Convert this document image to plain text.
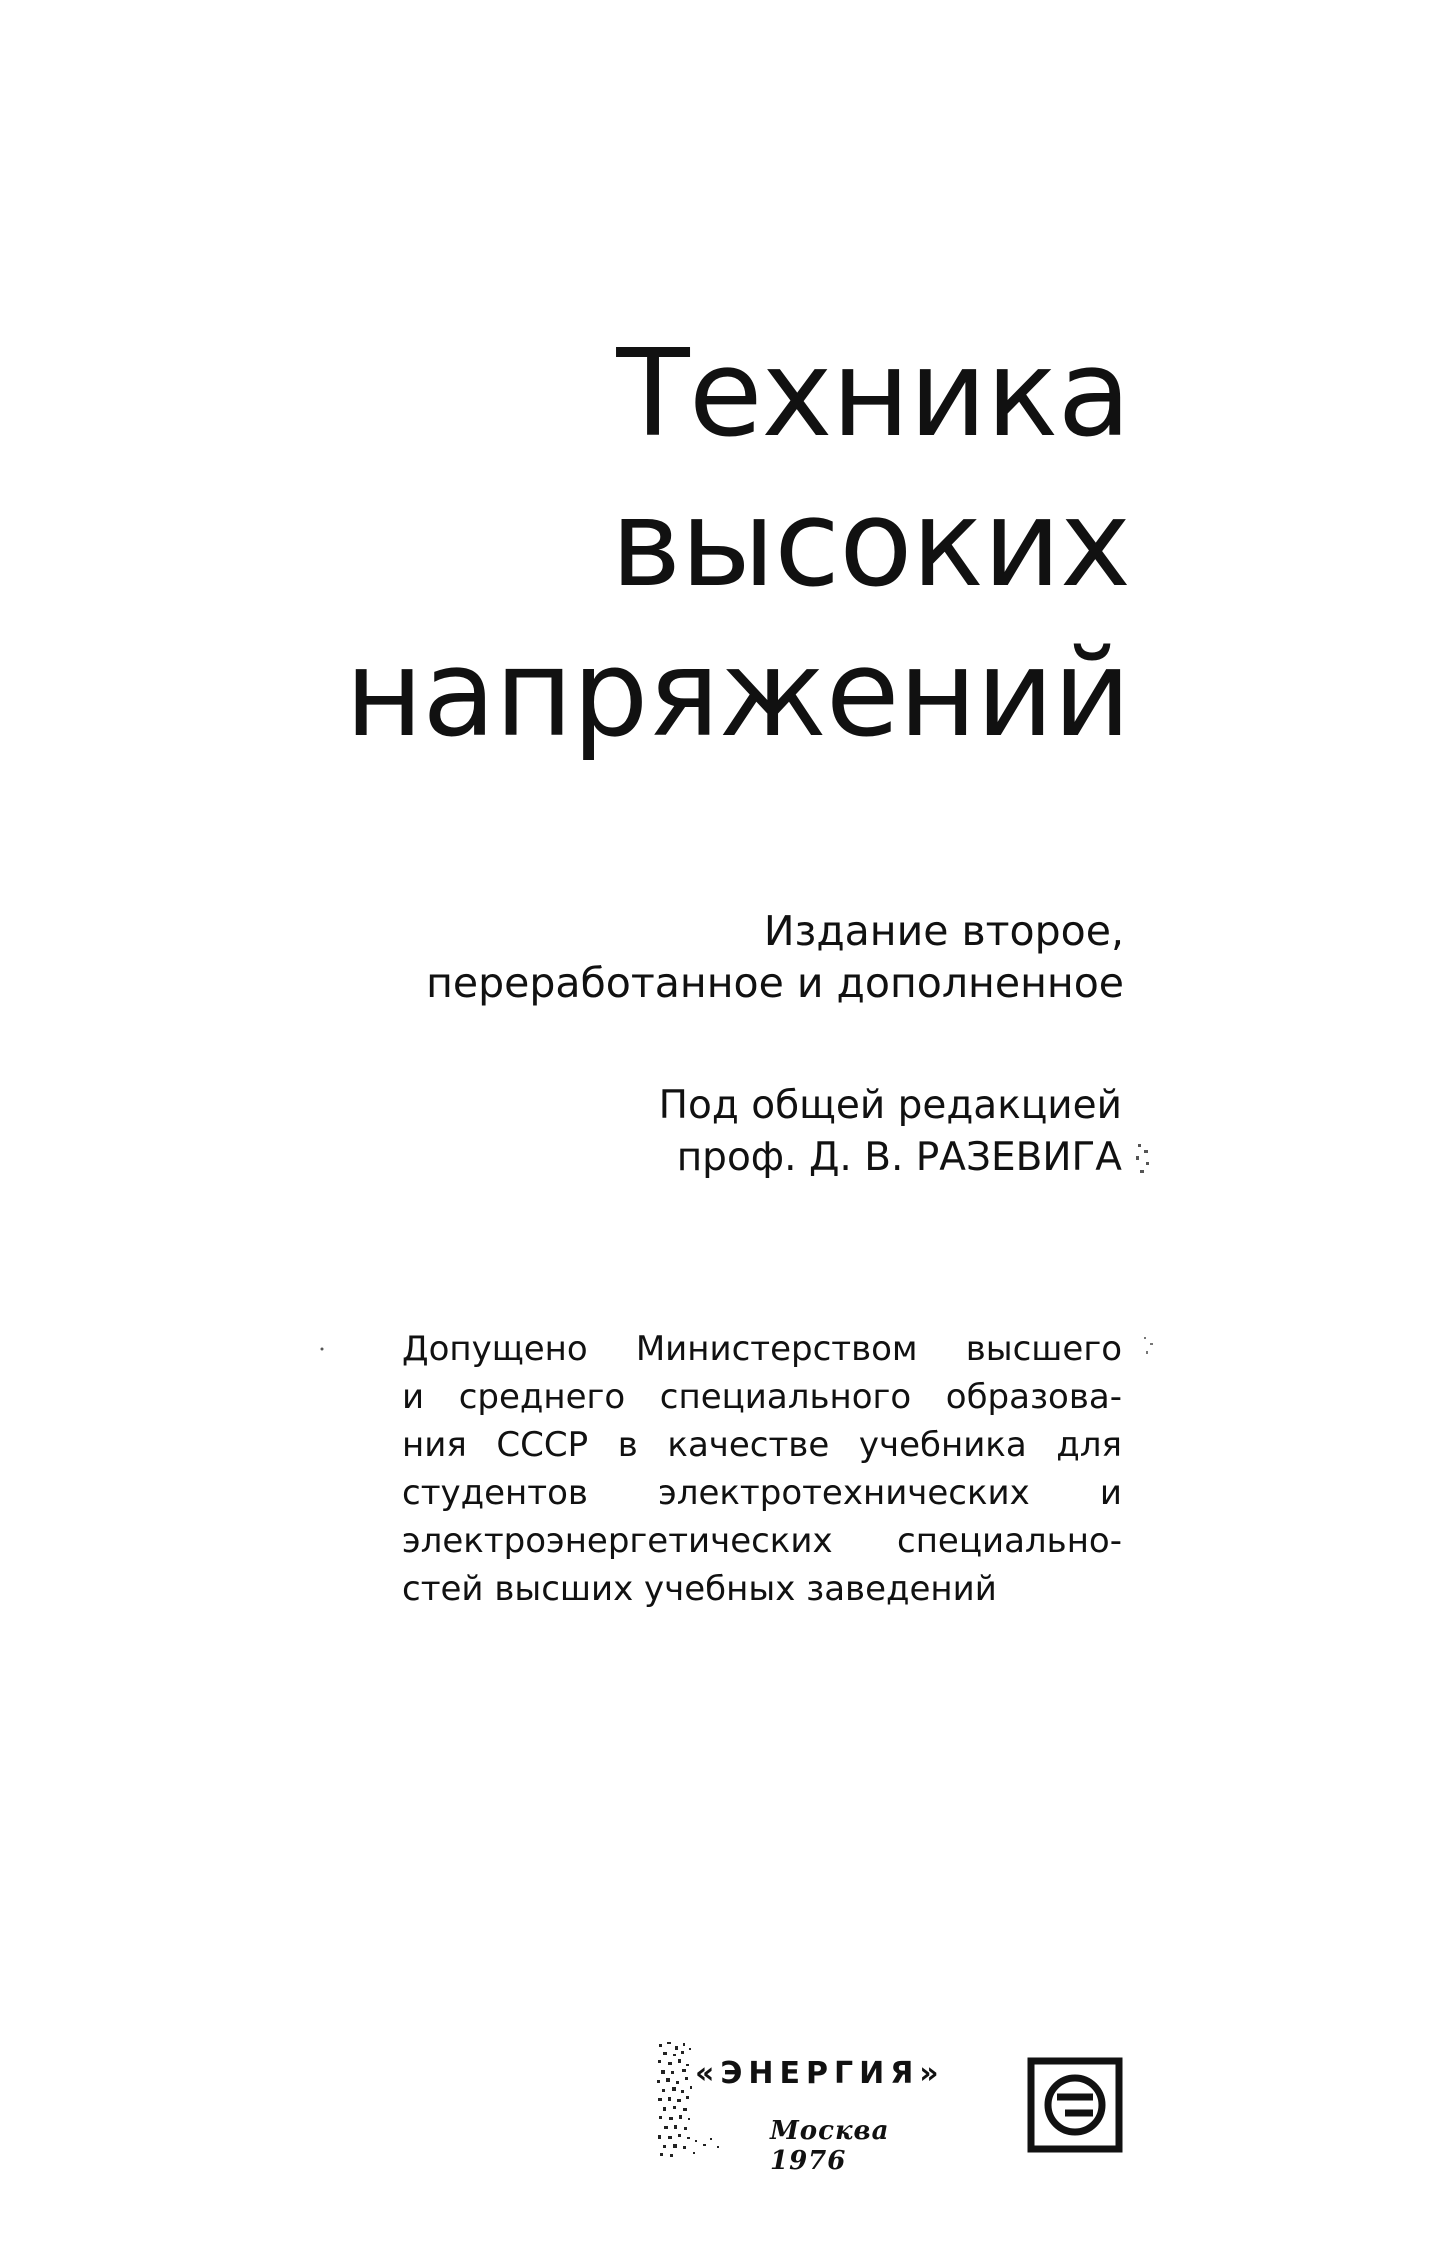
Техника
высоких
напряжений
Издание второе,
переработанное и дополненное
Под общей редакцией
проф. Д. В. РАЗЕВИГА
Допущено Министерством высшего
и среднего специального образова-
ния СССР в качестве учебника для
студентов электротехнических и
электроэнергетических специально-
стей высших учебных заведений
«ЭНЕРГИЯ»
Москва 1976
